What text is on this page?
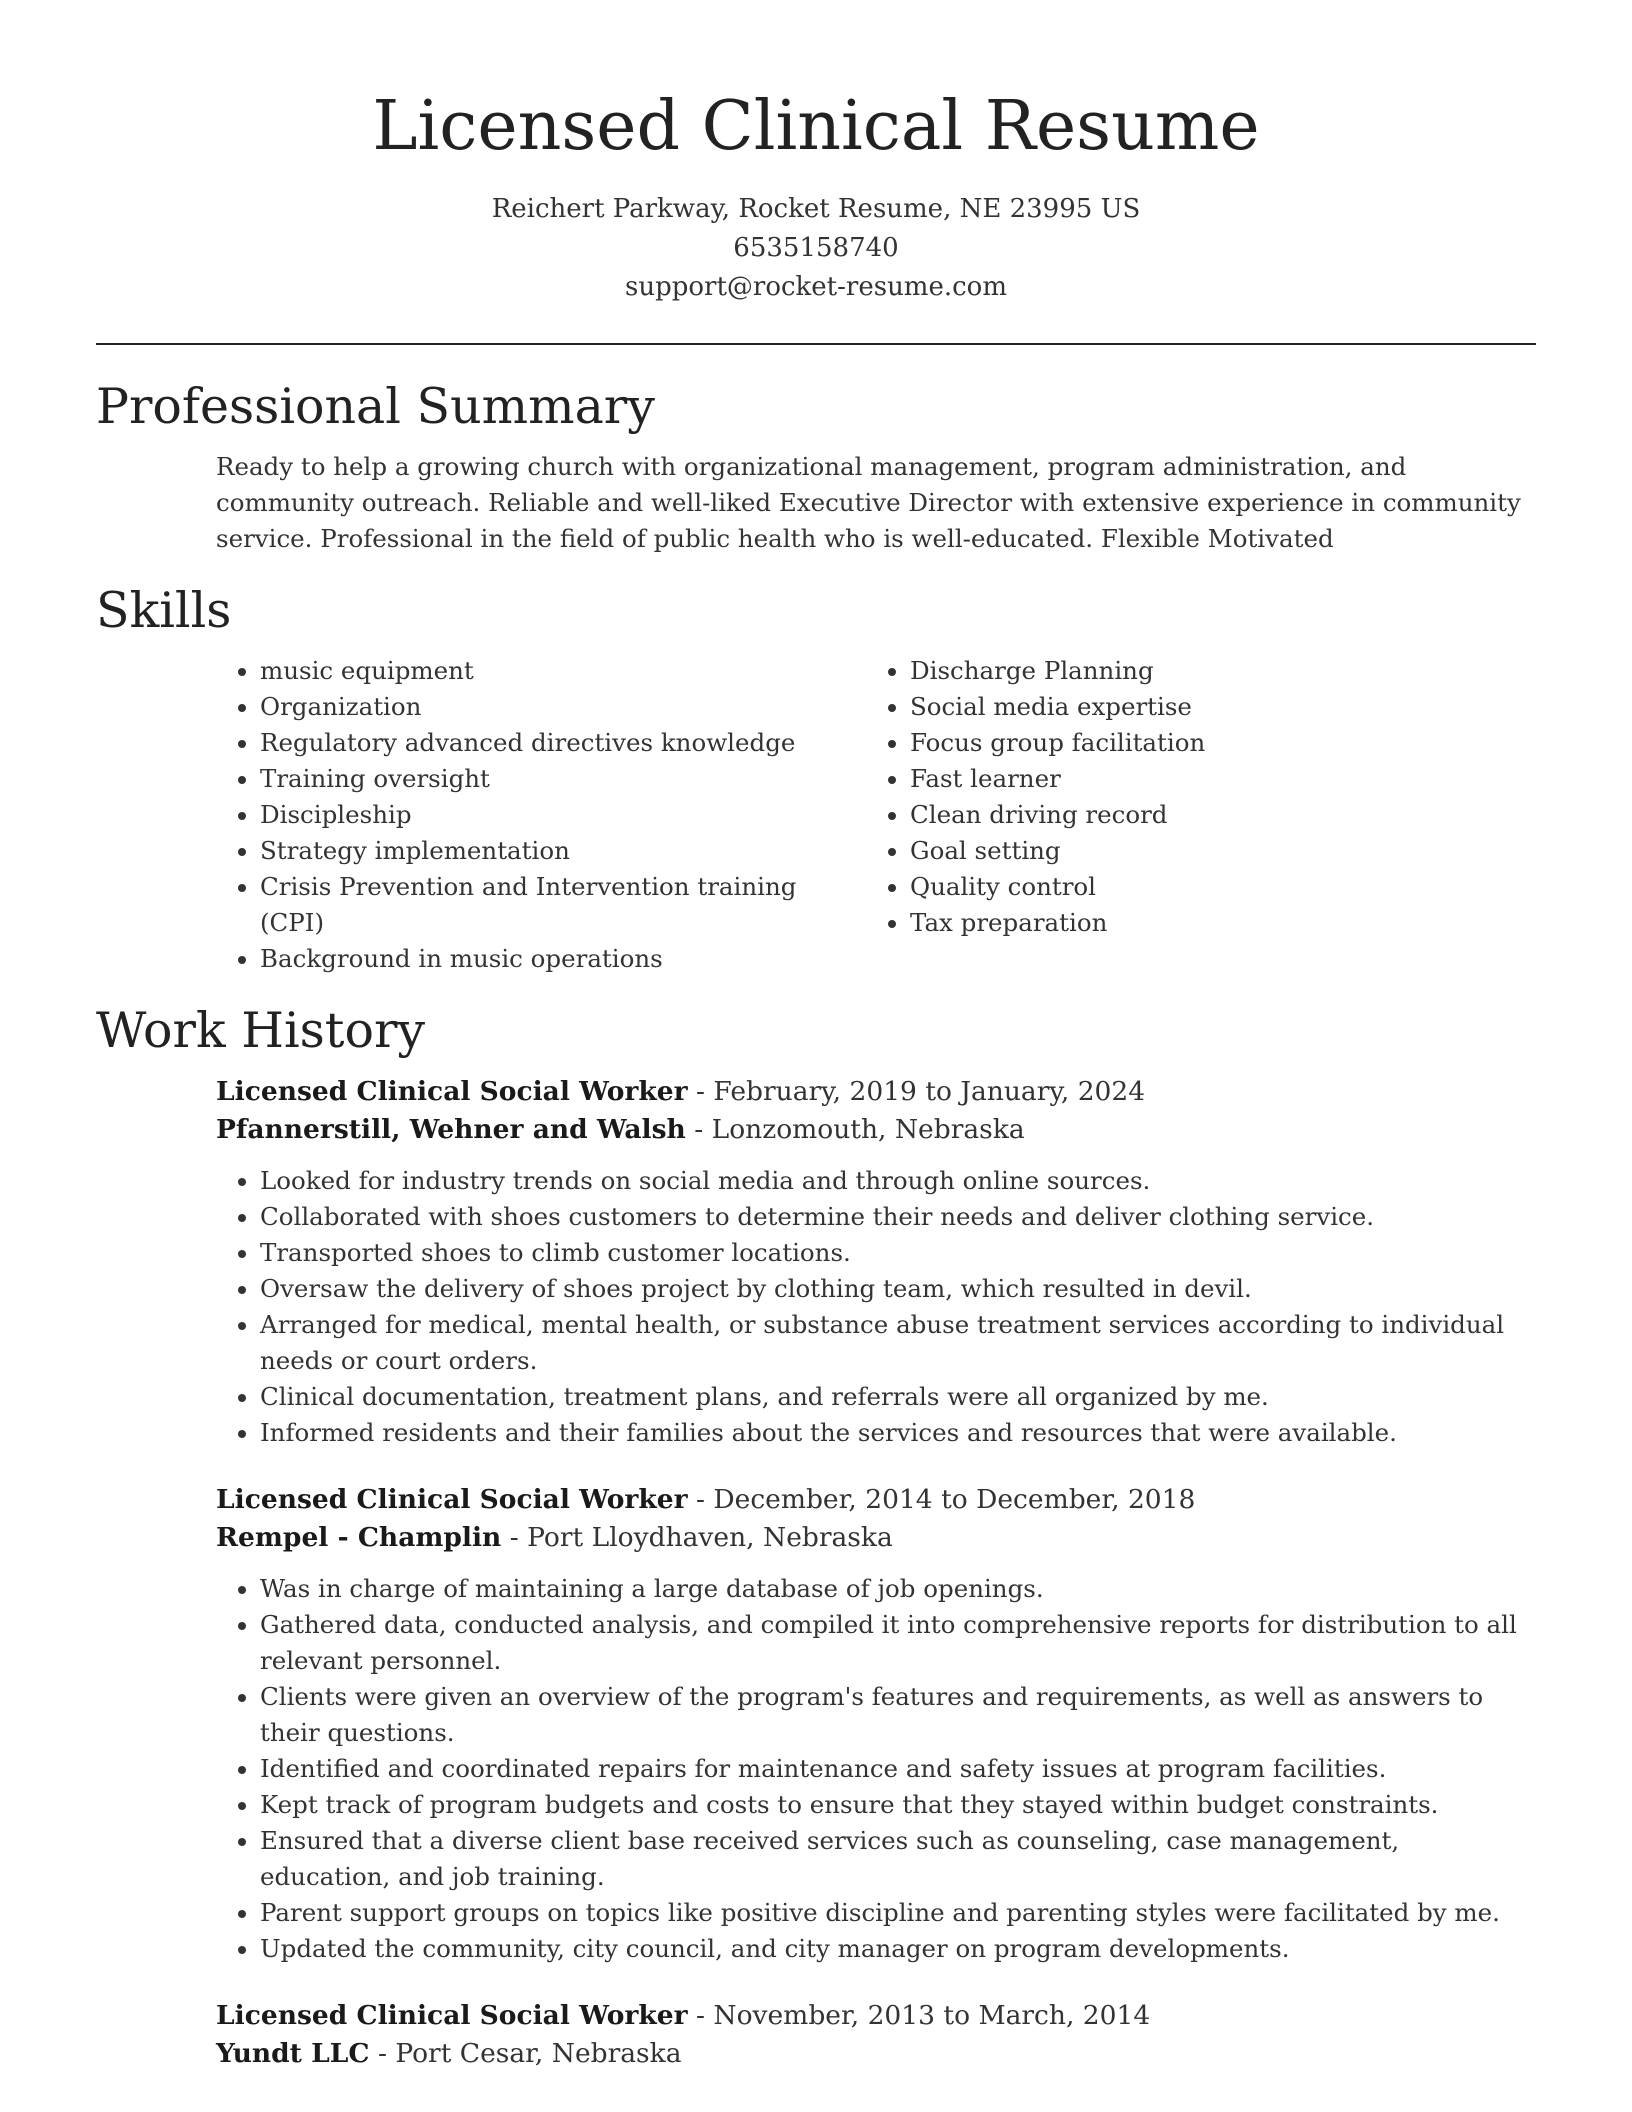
Licensed Clinical Resume
Reichert Parkway, Rocket Resume, NE 23995 US
6535158740
support@rocket-resume.com
Professional Summary

Ready to help a growing church with organizational management, program administration, and community outreach. Reliable and well-liked Executive Director with extensive experience in community service. Professional in the field of public health who is well-educated. Flexible Motivated

Skills
• music equipment
• Organization
• Regulatory advanced directives knowledge
• Training oversight
• Discipleship
• Strategy implementation
• Crisis Prevention and Intervention training (CPI)
• Background in music operations
• Discharge Planning
• Social media expertise
• Focus group facilitation
• Fast learner
• Clean driving record
• Goal setting
• Quality control
• Tax preparation
Work History
Licensed Clinical Social Worker - February, 2019 to January, 2024
Pfannerstill, Wehner and Walsh - Lonzomouth, Nebraska
• Looked for industry trends on social media and through online sources.
• Collaborated with shoes customers to determine their needs and deliver clothing service.
• Transported shoes to climb customer locations.
• Oversaw the delivery of shoes project by clothing team, which resulted in devil.
• Arranged for medical, mental health, or substance abuse treatment services according to individual needs or court orders.
• Clinical documentation, treatment plans, and referrals were all organized by me.
• Informed residents and their families about the services and resources that were available.
Licensed Clinical Social Worker - December, 2014 to December, 2018
Rempel - Champlin - Port Lloydhaven, Nebraska
• Was in charge of maintaining a large database of job openings.
• Gathered data, conducted analysis, and compiled it into comprehensive reports for distribution to all relevant personnel.
• Clients were given an overview of the program's features and requirements, as well as answers to their questions.
• Identified and coordinated repairs for maintenance and safety issues at program facilities.
• Kept track of program budgets and costs to ensure that they stayed within budget constraints.
• Ensured that a diverse client base received services such as counseling, case management, education, and job training.
• Parent support groups on topics like positive discipline and parenting styles were facilitated by me.
• Updated the community, city council, and city manager on program developments.
Licensed Clinical Social Worker - November, 2013 to March, 2014
Yundt LLC - Port Cesar, Nebraska
